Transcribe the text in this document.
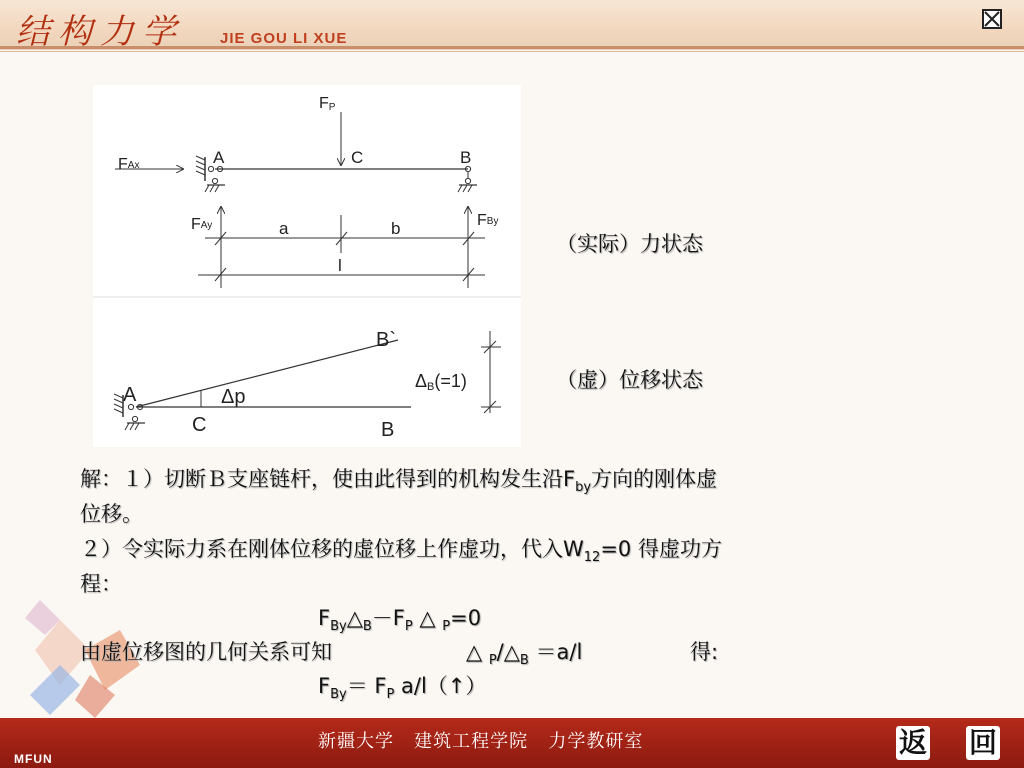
结构力学 JIE GOU LI XUE
FP
FAx
FAy	FBy
A	C	B
a	b
l
A
C	B
B`
Δp
ΔB(=1)
（实际）力状态
（虚）位移状态
解：１）切断Ｂ支座链杆，使由此得到的机构发生沿$F_{by}$方向的刚体虚
位移。
２）令实际力系在刚体位移的虚位移上作虚功，代入$W_{12}=0$ 得虚功方
程：
$F_{By}\triangle_B-F_P$ △ $_P$=0
由虚位移图的几何关系可知	△ $_P/\triangle_B =a/l$	得:
$F_{By}= F_P$ a/l（↑）
新疆大学   建筑工程学院   力学教研室
MFUN	返 回
